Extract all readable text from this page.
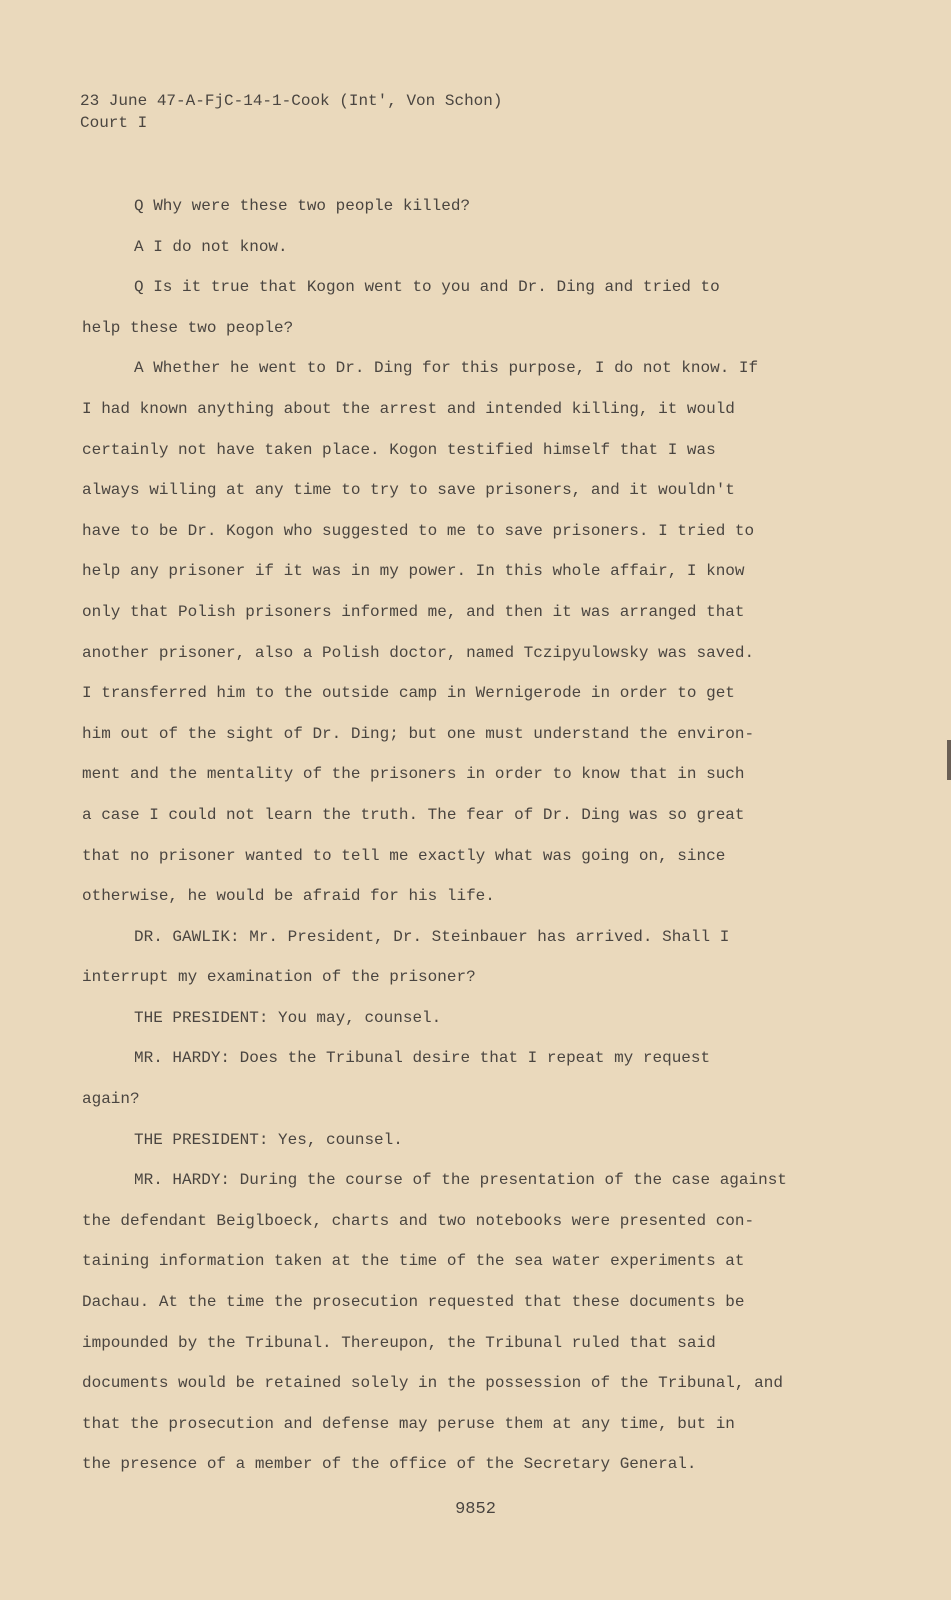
23 June 47-A-FjC-14-1-Cook (Int', Von Schon)
Court I
Q Why were these two people killed?
A I do not know.
Q Is it true that Kogon went to you and Dr. Ding and tried to
help these two people?
A Whether he went to Dr. Ding for this purpose, I do not know. If
I had known anything about the arrest and intended killing, it would
certainly not have taken place. Kogon testified himself that I was
always willing at any time to try to save prisoners, and it wouldn't
have to be Dr. Kogon who suggested to me to save prisoners. I tried to
help any prisoner if it was in my power. In this whole affair, I know
only that Polish prisoners informed me, and then it was arranged that
another prisoner, also a Polish doctor, named Tczipyulowsky was saved.
I transferred him to the outside camp in Wernigerode in order to get
him out of the sight of Dr. Ding; but one must understand the environ-
ment and the mentality of the prisoners in order to know that in such
a case I could not learn the truth. The fear of Dr. Ding was so great
that no prisoner wanted to tell me exactly what was going on, since
otherwise, he would be afraid for his life.
DR. GAWLIK: Mr. President, Dr. Steinbauer has arrived. Shall I
interrupt my examination of the prisoner?
THE PRESIDENT: You may, counsel.
MR. HARDY: Does the Tribunal desire that I repeat my request
again?
THE PRESIDENT: Yes, counsel.
MR. HARDY: During the course of the presentation of the case against
the defendant Beiglboeck, charts and two notebooks were presented con-
taining information taken at the time of the sea water experiments at
Dachau. At the time the prosecution requested that these documents be
impounded by the Tribunal. Thereupon, the Tribunal ruled that said
documents would be retained solely in the possession of the Tribunal, and
that the prosecution and defense may peruse them at any time, but in
the presence of a member of the office of the Secretary General.
9852
